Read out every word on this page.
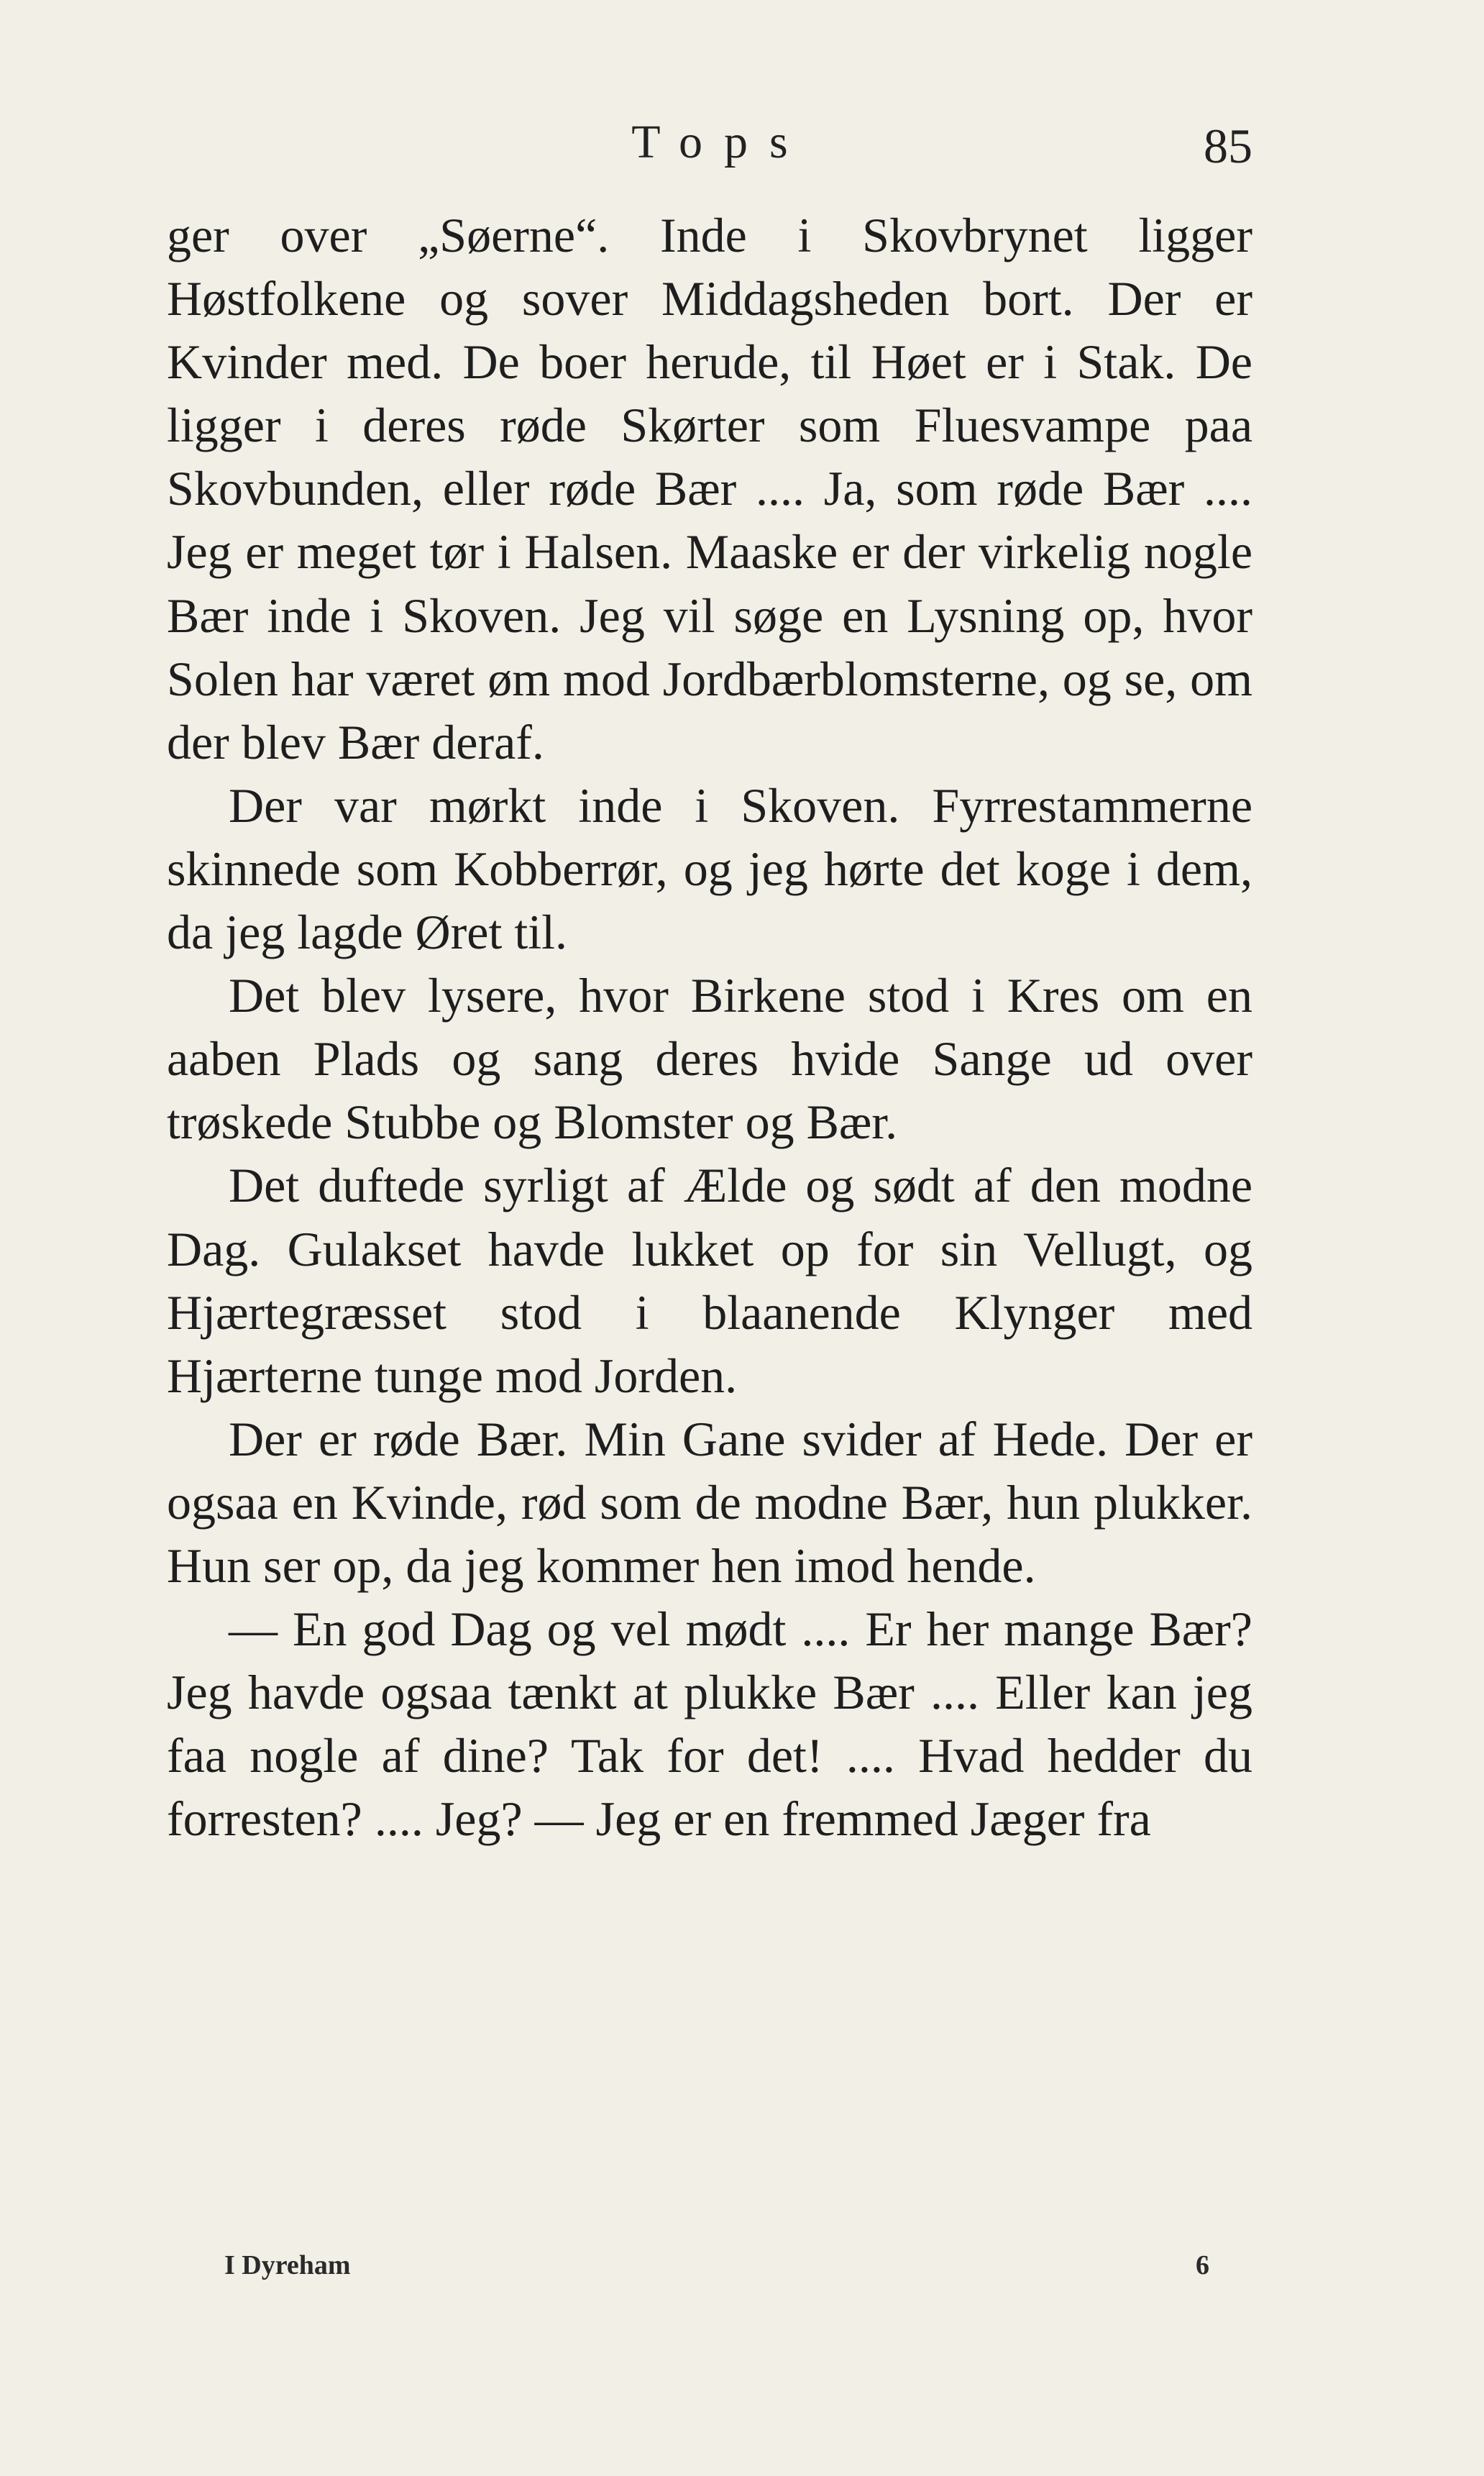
Tops	85

ger over „Søerne“. Inde i Skovbrynet ligger Høstfolkene og sover Middagsheden bort. Der er Kvinder med. De boer herude, til Høet er i Stak. De ligger i deres røde Skørter som Fluesvampe paa Skovbunden, eller røde Bær .... Ja, som røde Bær .... Jeg er meget tør i Halsen. Maaske er der virkelig nogle Bær inde i Skoven. Jeg vil søge en Lysning op, hvor Solen har været øm mod Jordbærblomsterne, og se, om der blev Bær deraf.

Der var mørkt inde i Skoven. Fyrrestammerne skinnede som Kobberrør, og jeg hørte det koge i dem, da jeg lagde Øret til.

Det blev lysere, hvor Birkene stod i Kres om en aaben Plads og sang deres hvide Sange ud over trøskede Stubbe og Blomster og Bær.

Det duftede syrligt af Ælde og sødt af den modne Dag. Gulakset havde lukket op for sin Vellugt, og Hjærtegræsset stod i blaanende Klynger med Hjærterne tunge mod Jorden.

Der er røde Bær. Min Gane svider af Hede. Der er ogsaa en Kvinde, rød som de modne Bær, hun plukker. Hun ser op, da jeg kommer hen imod hende.

— En god Dag og vel mødt .... Er her mange Bær? Jeg havde ogsaa tænkt at plukke Bær .... Eller kan jeg faa nogle af dine? Tak for det! .... Hvad hedder du forresten? .... Jeg? — Jeg er en fremmed Jæger fra

I Dyreham	6
